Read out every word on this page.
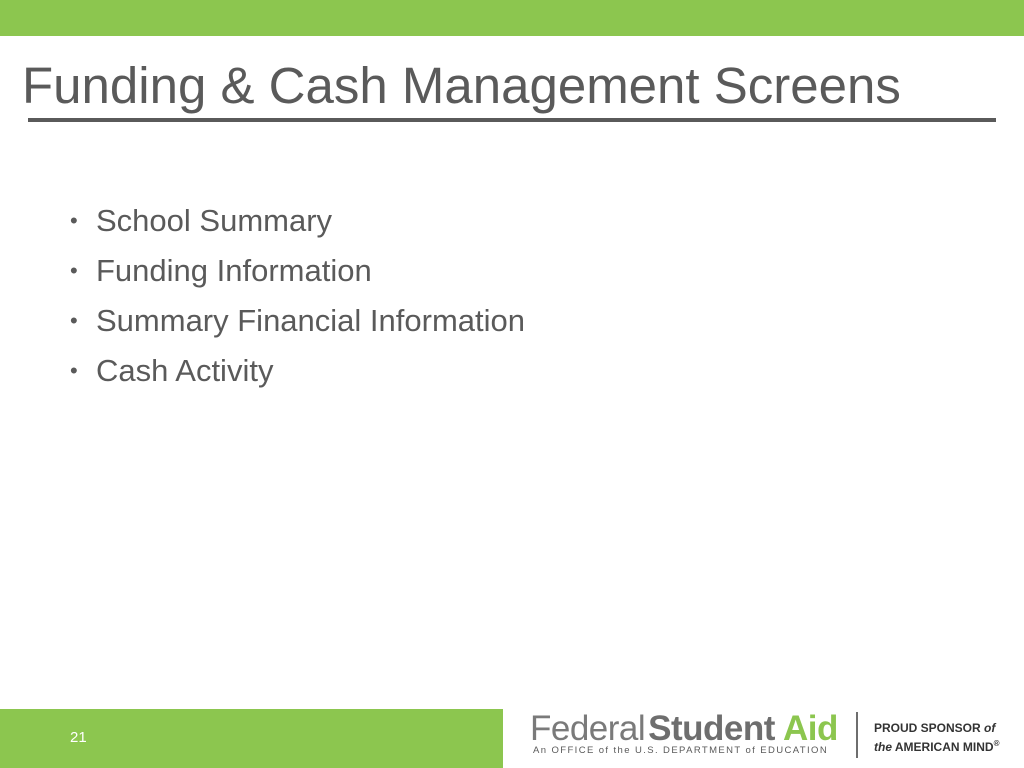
Funding & Cash Management Screens
• School Summary
• Funding Information
• Summary Financial Information
• Cash Activity
21	FederalStudent Aid
An OFFICE of the U.S. DEPARTMENT of EDUCATION
PROUD SPONSOR of
the AMERICAN MIND®
